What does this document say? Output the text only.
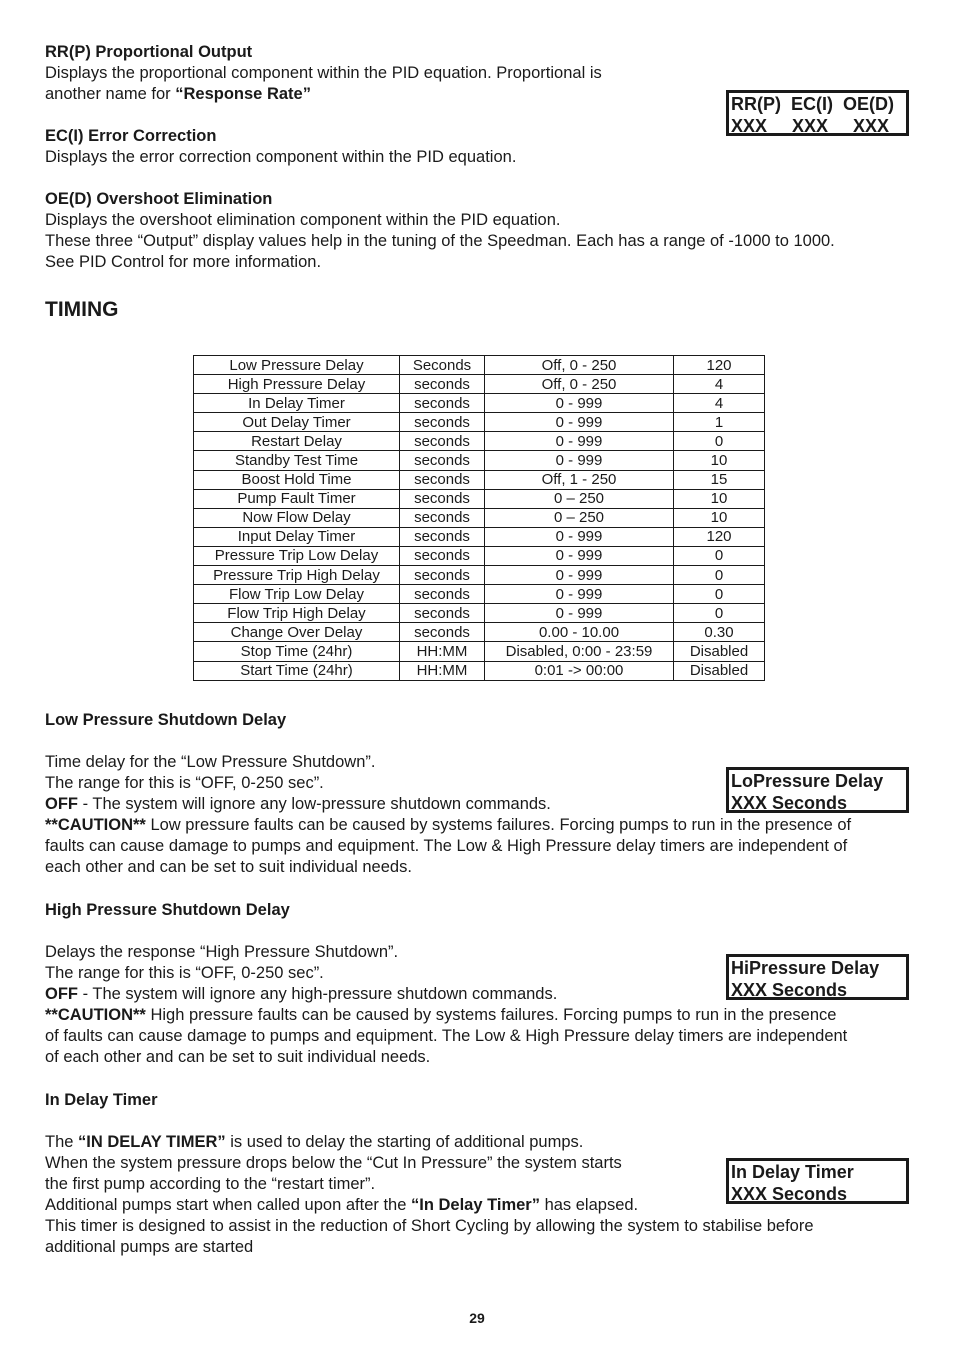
RR(P) Proportional Output

Displays the proportional component within the PID equation. Proportional is

another name for “Response Rate”	RR(P)  EC(I)  OE(D)
XXX     XXX     XXX

EC(I) Error Correction

Displays the error correction component within the PID equation.

OE(D) Overshoot Elimination

Displays the overshoot elimination component within the PID equation.

These three “Output” display values help in the tuning of the Speedman. Each has a range of -1000 to 1000.

See PID Control for more information.

TIMING
Low Pressure Delay	Seconds	Off, 0 - 250	120
High Pressure Delay	seconds	Off, 0 - 250	4
In Delay Timer	seconds	0 - 999	4
Out Delay Timer	seconds	0 - 999	1
Restart Delay	seconds	0 - 999	0
Standby Test Time	seconds	0 - 999	10
Boost Hold Time	seconds	Off, 1 - 250	15
Pump Fault Timer	seconds	0 – 250	10
Now Flow Delay	seconds	0 – 250	10
Input Delay Timer	seconds	0 - 999	120
Pressure Trip Low Delay	seconds	0 - 999	0
Pressure Trip High Delay	seconds	0 - 999	0
Flow Trip Low Delay	seconds	0 - 999	0
Flow Trip High Delay	seconds	0 - 999	0
Change Over Delay	seconds	0.00 - 10.00	0.30
Stop Time (24hr)	HH:MM	Disabled, 0:00 - 23:59	Disabled
Start Time (24hr)	HH:MM	0:01 -> 00:00	Disabled

Low Pressure Shutdown Delay

Time delay for the “Low Pressure Shutdown”.

The range for this is “OFF, 0-250 sec”.

OFF - The system will ignore any low-pressure shutdown commands.

**CAUTION** Low pressure faults can be caused by systems failures. Forcing pumps to run in the presence of

faults can cause damage to pumps and equipment. The Low & High Pressure delay timers are independent of

each other and can be set to suit individual needs.

LoPressure Delay
XXX Seconds

High Pressure Shutdown Delay

Delays the response “High Pressure Shutdown”.

The range for this is “OFF, 0-250 sec”.

OFF - The system will ignore any high-pressure shutdown commands.

**CAUTION** High pressure faults can be caused by systems failures. Forcing pumps to run in the presence

of faults can cause damage to pumps and equipment. The Low & High Pressure delay timers are independent

of each other and can be set to suit individual needs.

HiPressure Delay
XXX Seconds

In Delay Timer

The “IN DELAY TIMER” is used to delay the starting of additional pumps.

When the system pressure drops below the “Cut In Pressure” the system starts

the first pump according to the “restart timer”.

Additional pumps start when called upon after the “In Delay Timer” has elapsed.

This timer is designed to assist in the reduction of Short Cycling by allowing the system to stabilise before

additional pumps are started

In Delay Timer
XXX Seconds
29
